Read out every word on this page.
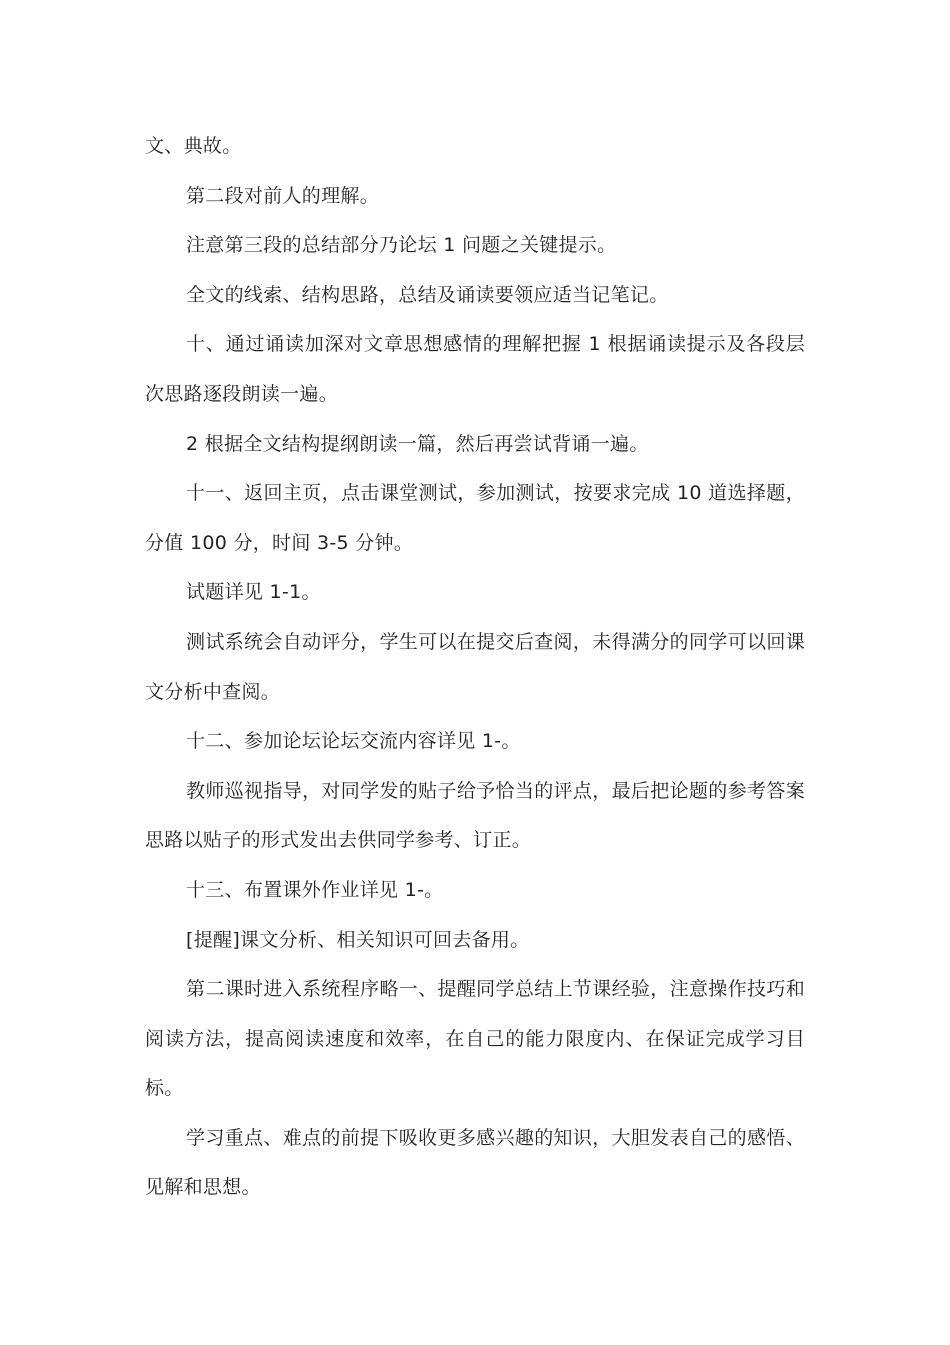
文、典故。

第二段对前人的理解。

注意第三段的总结部分乃论坛 1 问题之关键提示。

全文的线索、结构思路，总结及诵读要领应适当记笔记。

十、通过诵读加深对文章思想感情的理解把握 1 根据诵读提示及各段层次思路逐段朗读一遍。

2 根据全文结构提纲朗读一篇，然后再尝试背诵一遍。

十一、返回主页，点击课堂测试，参加测试，按要求完成 10 道选择题，分值 100 分，时间 3-5 分钟。

试题详见 1-1。

测试系统会自动评分，学生可以在提交后查阅，未得满分的同学可以回课文分析中查阅。

十二、参加论坛论坛交流内容详见 1-。

教师巡视指导，对同学发的贴子给予恰当的评点，最后把论题的参考答案思路以贴子的形式发出去供同学参考、订正。

十三、布置课外作业详见 1-。

[提醒]课文分析、相关知识可回去备用。

第二课时进入系统程序略一、提醒同学总结上节课经验，注意操作技巧和阅读方法，提高阅读速度和效率，在自己的能力限度内、在保证完成学习目标。

学习重点、难点的前提下吸收更多感兴趣的知识，大胆发表自己的感悟、见解和思想。
